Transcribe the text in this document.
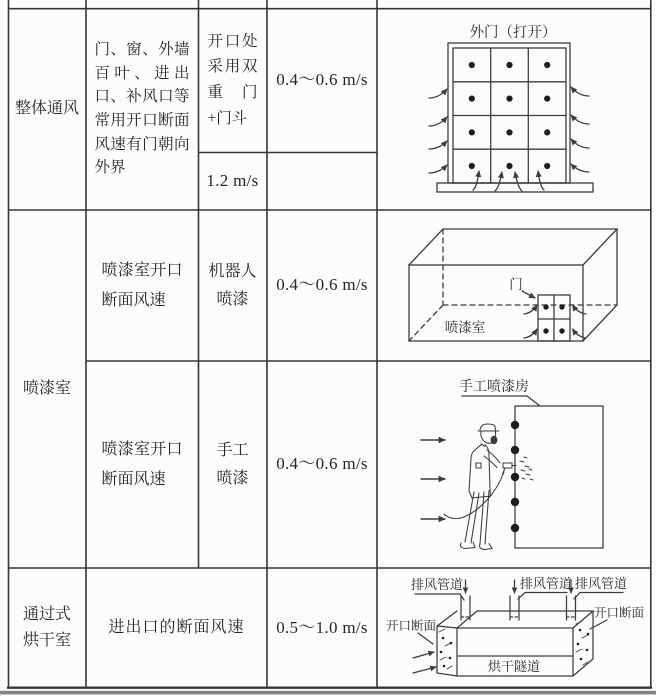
外门（打开）
门
喷漆室
手工喷漆房
排风管道	排风管道 排风管道
开口断面
开口断面
烘干隧道
整体通风
门、窗、外墙百叶、进出口、补风口等常用开口断面风速有门朝向外界
开口处采用双重门+门斗
0.4～0.6 m/s
1.2 m/s
喷漆室
喷漆室开口断面风速
机器人喷漆
0.4～0.6 m/s
喷漆室开口断面风速
手工喷漆
0.4～0.6 m/s
通过式烘干室
进出口的断面风速 0.5～1.0 m/s
